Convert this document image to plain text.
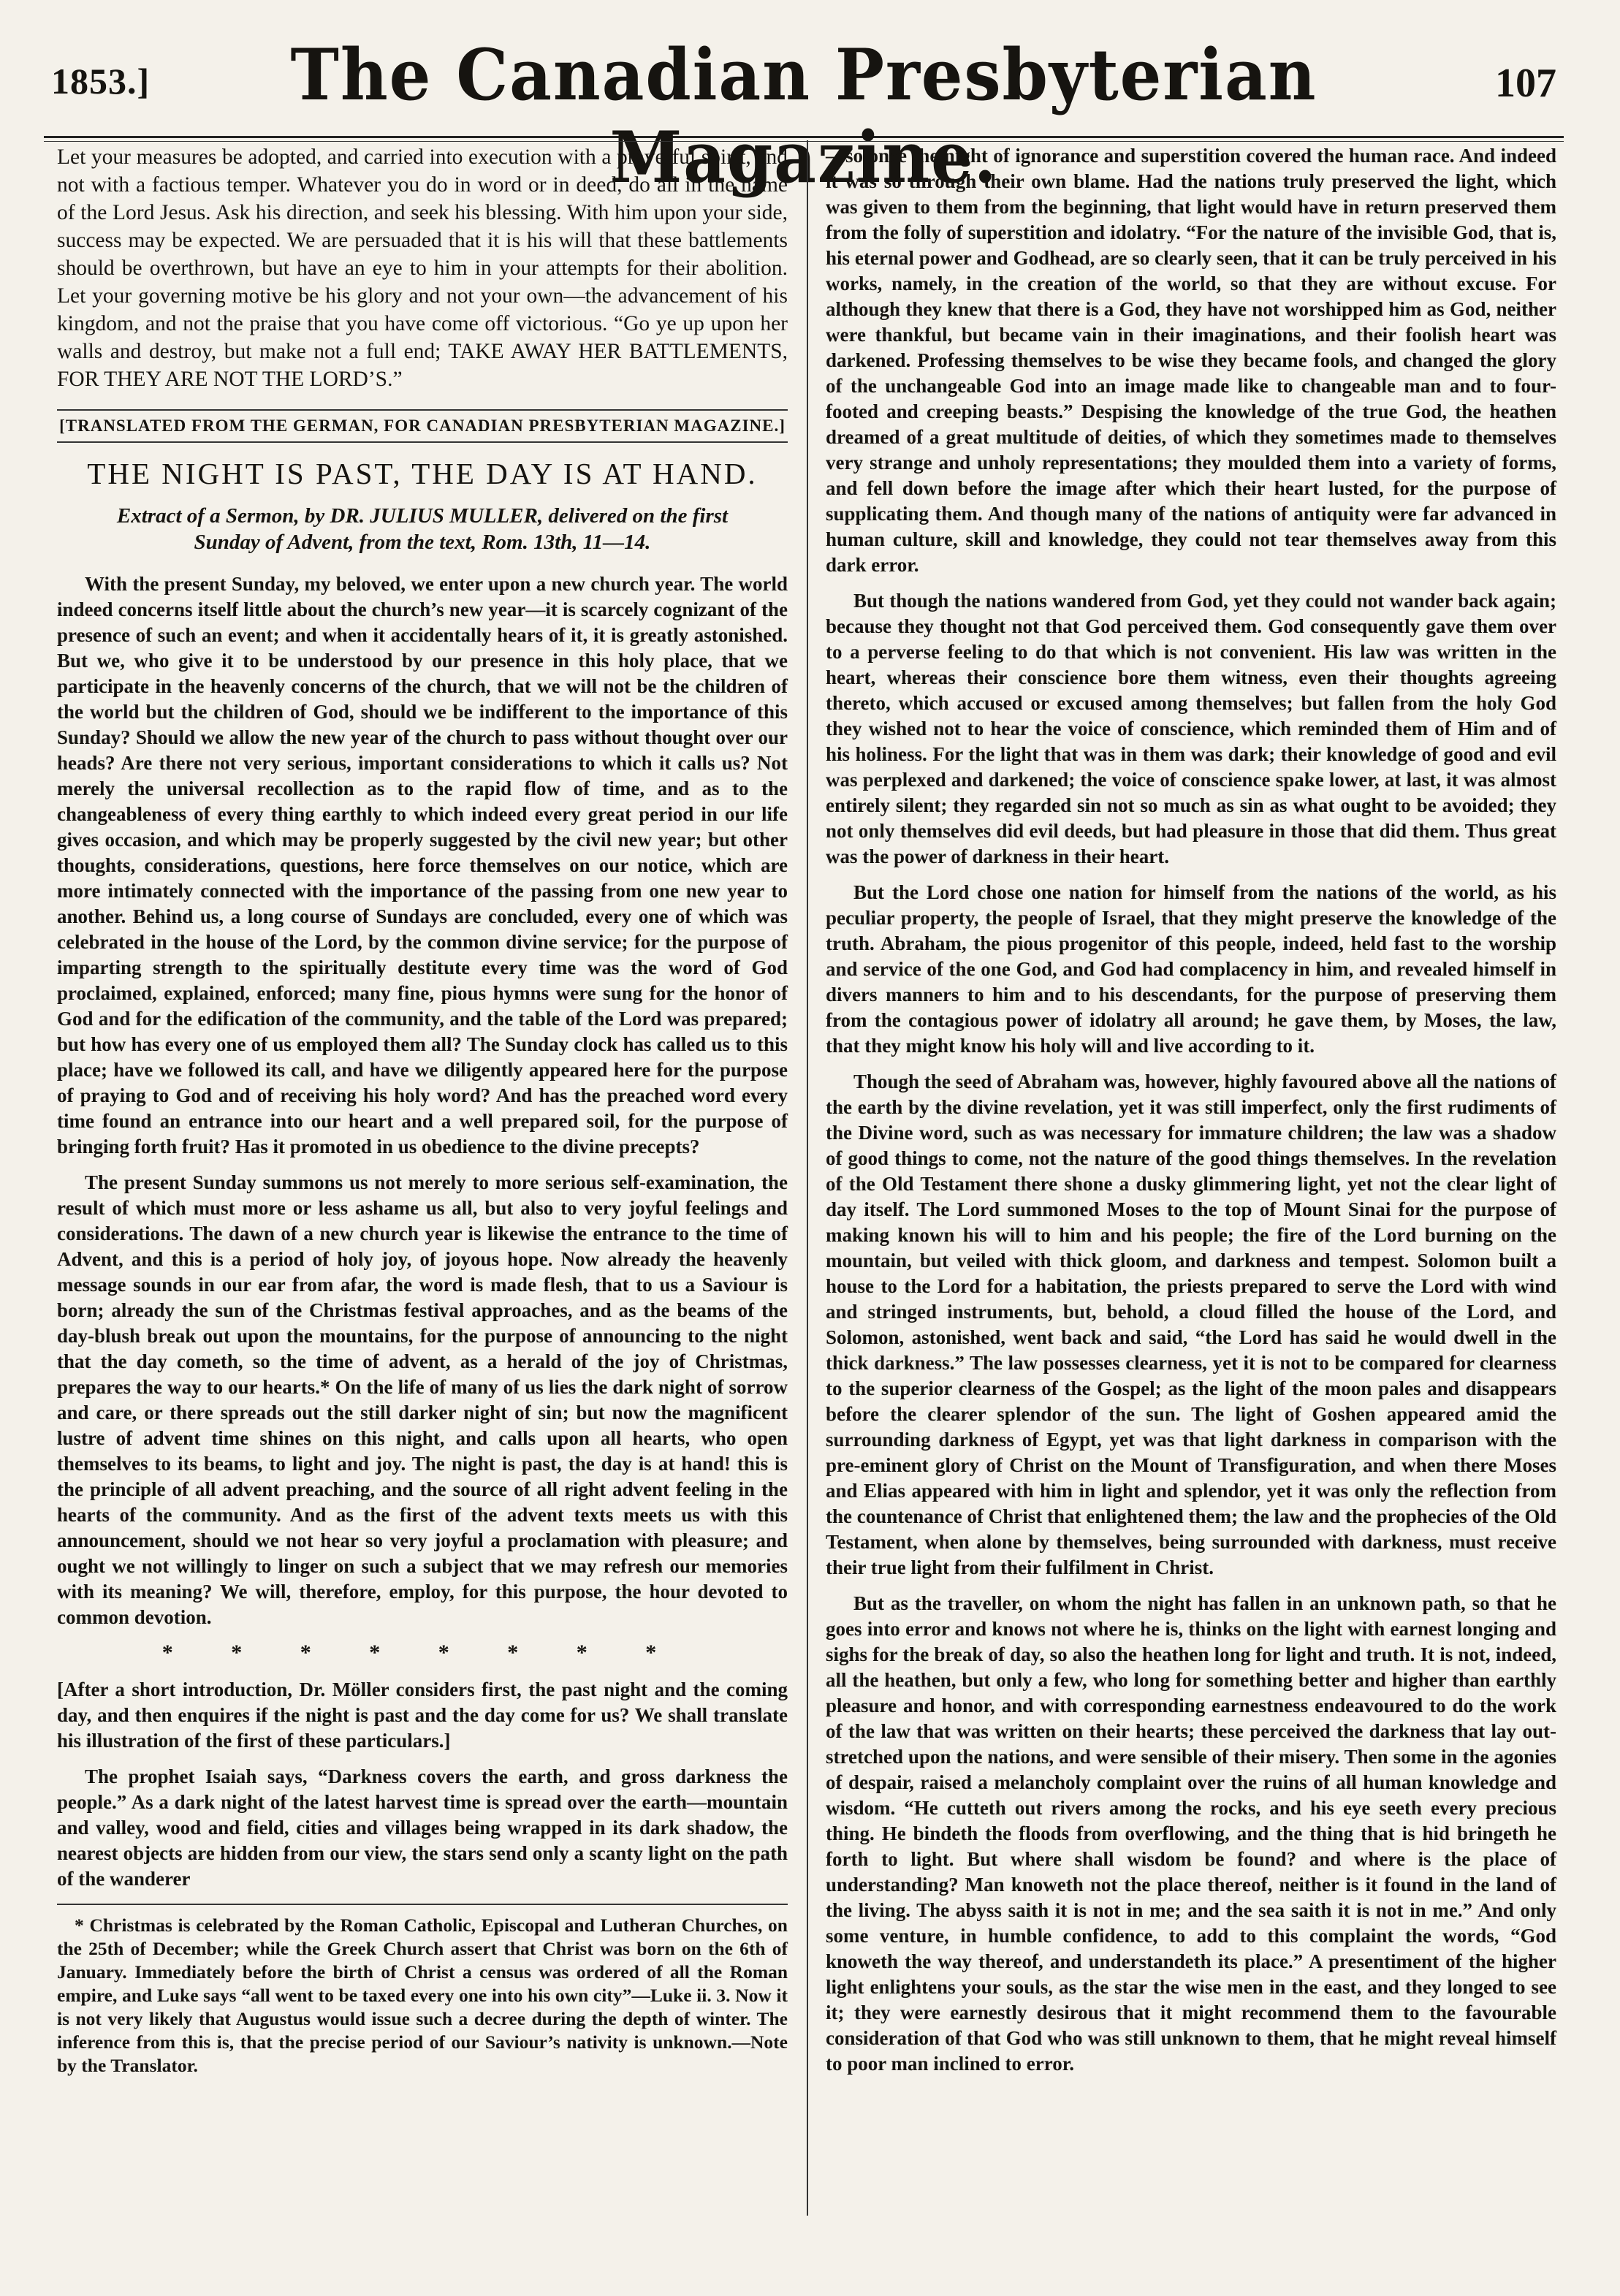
1853.]	The Canadian Presbyterian Magazine.
107

Let your measures be adopted, and carried into execution with a prayerful spirit, and not with a factious temper. Whatever you do in word or in deed, do all in the name of the Lord Jesus. Ask his direction, and seek his blessing. With him upon your side, success may be expected. We are persuaded that it is his will that these battlements should be overthrown, but have an eye to him in your attempts for their abolition. Let your governing motive be his glory and not your own—the advancement of his kingdom, and not the praise that you have come off victorious. “Go ye up upon her walls and destroy, but make not a full end; TAKE AWAY HER BATTLEMENTS, FOR THEY ARE NOT THE LORD’S.”

[TRANSLATED FROM THE GERMAN, FOR CANADIAN PRESBYTERIAN MAGAZINE.]
THE NIGHT IS PAST, THE DAY IS AT HAND.
Extract of a Sermon, by DR. JULIUS MULLER, delivered on the first Sunday of Advent, from the text, Rom. 13th, 11—14.

With the present Sunday, my beloved, we enter upon a new church year. The world indeed concerns itself little about the church’s new year—it is scarcely cognizant of the presence of such an event; and when it accidentally hears of it, it is greatly astonished. But we, who give it to be understood by our presence in this holy place, that we participate in the heavenly concerns of the church, that we will not be the children of the world but the children of God, should we be indifferent to the importance of this Sunday? Should we allow the new year of the church to pass without thought over our heads? Are there not very serious, important considerations to which it calls us? Not merely the universal recollection as to the rapid flow of time, and as to the changeableness of every thing earthly to which indeed every great period in our life gives occasion, and which may be properly suggested by the civil new year; but other thoughts, considerations, questions, here force themselves on our notice, which are more intimately connected with the importance of the passing from one new year to another. Behind us, a long course of Sundays are concluded, every one of which was celebrated in the house of the Lord, by the common divine service; for the purpose of imparting strength to the spiritually destitute every time was the word of God proclaimed, explained, enforced; many fine, pious hymns were sung for the honor of God and for the edification of the community, and the table of the Lord was prepared; but how has every one of us employed them all? The Sunday clock has called us to this place; have we followed its call, and have we diligently appeared here for the purpose of praying to God and of receiving his holy word? And has the preached word every time found an entrance into our heart and a well prepared soil, for the purpose of bringing forth fruit? Has it promoted in us obedience to the divine precepts?

The present Sunday summons us not merely to more serious self-examination, the result of which must more or less ashame us all, but also to very joyful feelings and considerations. The dawn of a new church year is likewise the entrance to the time of Advent, and this is a period of holy joy, of joyous hope. Now already the heavenly message sounds in our ear from afar, the word is made flesh, that to us a Saviour is born; already the sun of the Christmas festival approaches, and as the beams of the day-blush break out upon the mountains, for the purpose of announcing to the night that the day cometh, so the time of advent, as a herald of the joy of Christmas, prepares the way to our hearts.* On the life of many of us lies the dark night of sorrow and care, or there spreads out the still darker night of sin; but now the magnificent lustre of advent time shines on this night, and calls upon all hearts, who open themselves to its beams, to light and joy. The night is past, the day is at hand! this is the principle of all advent preaching, and the source of all right advent feeling in the hearts of the community. And as the first of the advent texts meets us with this announcement, should we not hear so very joyful a proclamation with pleasure; and ought we not willingly to linger on such a subject that we may refresh our memories with its meaning? We will, therefore, employ, for this purpose, the hour devoted to common devotion.

* * * * * * * *

[After a short introduction, Dr. Möller considers first, the past night and the coming day, and then enquires if the night is past and the day come for us? We shall translate his illustration of the first of these particulars.]

The prophet Isaiah says, “Darkness covers the earth, and gross darkness the people.” As a dark night of the latest harvest time is spread over the earth—mountain and valley, wood and field, cities and villages being wrapped in its dark shadow, the nearest objects are hidden from our view, the stars send only a scanty light on the path of the wanderer

* Christmas is celebrated by the Roman Catholic, Episcopal and Lutheran Churches, on the 25th of December; while the Greek Church assert that Christ was born on the 6th of January. Immediately before the birth of Christ a census was ordered of all the Roman empire, and Luke says “all went to be taxed every one into his own city”—Luke ii. 3. Now it is not very likely that Augustus would issue such a decree during the depth of winter. The inference from this is, that the precise period of our Saviour’s nativity is unknown.—Note by the Translator.

—so once the night of ignorance and superstition covered the human race. And indeed it was so through their own blame. Had the nations truly preserved the light, which was given to them from the beginning, that light would have in return preserved them from the folly of superstition and idolatry. “For the nature of the invisible God, that is, his eternal power and Godhead, are so clearly seen, that it can be truly perceived in his works, namely, in the creation of the world, so that they are without excuse. For although they knew that there is a God, they have not worshipped him as God, neither were thankful, but became vain in their imaginations, and their foolish heart was darkened. Professing themselves to be wise they became fools, and changed the glory of the unchangeable God into an image made like to changeable man and to four-footed and creeping beasts.” Despising the knowledge of the true God, the heathen dreamed of a great multitude of deities, of which they sometimes made to themselves very strange and unholy representations; they moulded them into a variety of forms, and fell down before the image after which their heart lusted, for the purpose of supplicating them. And though many of the nations of antiquity were far advanced in human culture, skill and knowledge, they could not tear themselves away from this dark error.

But though the nations wandered from God, yet they could not wander back again; because they thought not that God perceived them. God consequently gave them over to a perverse feeling to do that which is not convenient. His law was written in the heart, whereas their conscience bore them witness, even their thoughts agreeing thereto, which accused or excused among themselves; but fallen from the holy God they wished not to hear the voice of conscience, which reminded them of Him and of his holiness. For the light that was in them was dark; their knowledge of good and evil was perplexed and darkened; the voice of conscience spake lower, at last, it was almost entirely silent; they regarded sin not so much as sin as what ought to be avoided; they not only themselves did evil deeds, but had pleasure in those that did them. Thus great was the power of darkness in their heart.

But the Lord chose one nation for himself from the nations of the world, as his peculiar property, the people of Israel, that they might preserve the knowledge of the truth. Abraham, the pious progenitor of this people, indeed, held fast to the worship and service of the one God, and God had complacency in him, and revealed himself in divers manners to him and to his descendants, for the purpose of preserving them from the contagious power of idolatry all around; he gave them, by Moses, the law, that they might know his holy will and live according to it.

Though the seed of Abraham was, however, highly favoured above all the nations of the earth by the divine revelation, yet it was still imperfect, only the first rudiments of the Divine word, such as was necessary for immature children; the law was a shadow of good things to come, not the nature of the good things themselves. In the revelation of the Old Testament there shone a dusky glimmering light, yet not the clear light of day itself. The Lord summoned Moses to the top of Mount Sinai for the purpose of making known his will to him and his people; the fire of the Lord burning on the mountain, but veiled with thick gloom, and darkness and tempest. Solomon built a house to the Lord for a habitation, the priests prepared to serve the Lord with wind and stringed instruments, but, behold, a cloud filled the house of the Lord, and Solomon, astonished, went back and said, “the Lord has said he would dwell in the thick darkness.” The law possesses clearness, yet it is not to be compared for clearness to the superior clearness of the Gospel; as the light of the moon pales and disappears before the clearer splendor of the sun. The light of Goshen appeared amid the surrounding darkness of Egypt, yet was that light darkness in comparison with the pre-eminent glory of Christ on the Mount of Transfiguration, and when there Moses and Elias appeared with him in light and splendor, yet it was only the reflection from the countenance of Christ that enlightened them; the law and the prophecies of the Old Testament, when alone by themselves, being surrounded with darkness, must receive their true light from their fulfilment in Christ.

But as the traveller, on whom the night has fallen in an unknown path, so that he goes into error and knows not where he is, thinks on the light with earnest longing and sighs for the break of day, so also the heathen long for light and truth. It is not, indeed, all the heathen, but only a few, who long for something better and higher than earthly pleasure and honor, and with corresponding earnestness endeavoured to do the work of the law that was written on their hearts; these perceived the darkness that lay out-stretched upon the nations, and were sensible of their misery. Then some in the agonies of despair, raised a melancholy complaint over the ruins of all human knowledge and wisdom. “He cutteth out rivers among the rocks, and his eye seeth every precious thing. He bindeth the floods from overflowing, and the thing that is hid bringeth he forth to light. But where shall wisdom be found? and where is the place of understanding? Man knoweth not the place thereof, neither is it found in the land of the living. The abyss saith it is not in me; and the sea saith it is not in me.” And only some venture, in humble confidence, to add to this complaint the words, “God knoweth the way thereof, and understandeth its place.” A presentiment of the higher light enlightens your souls, as the star the wise men in the east, and they longed to see it; they were earnestly desirous that it might recommend them to the favourable consideration of that God who was still unknown to them, that he might reveal himself to poor man inclined to error.
